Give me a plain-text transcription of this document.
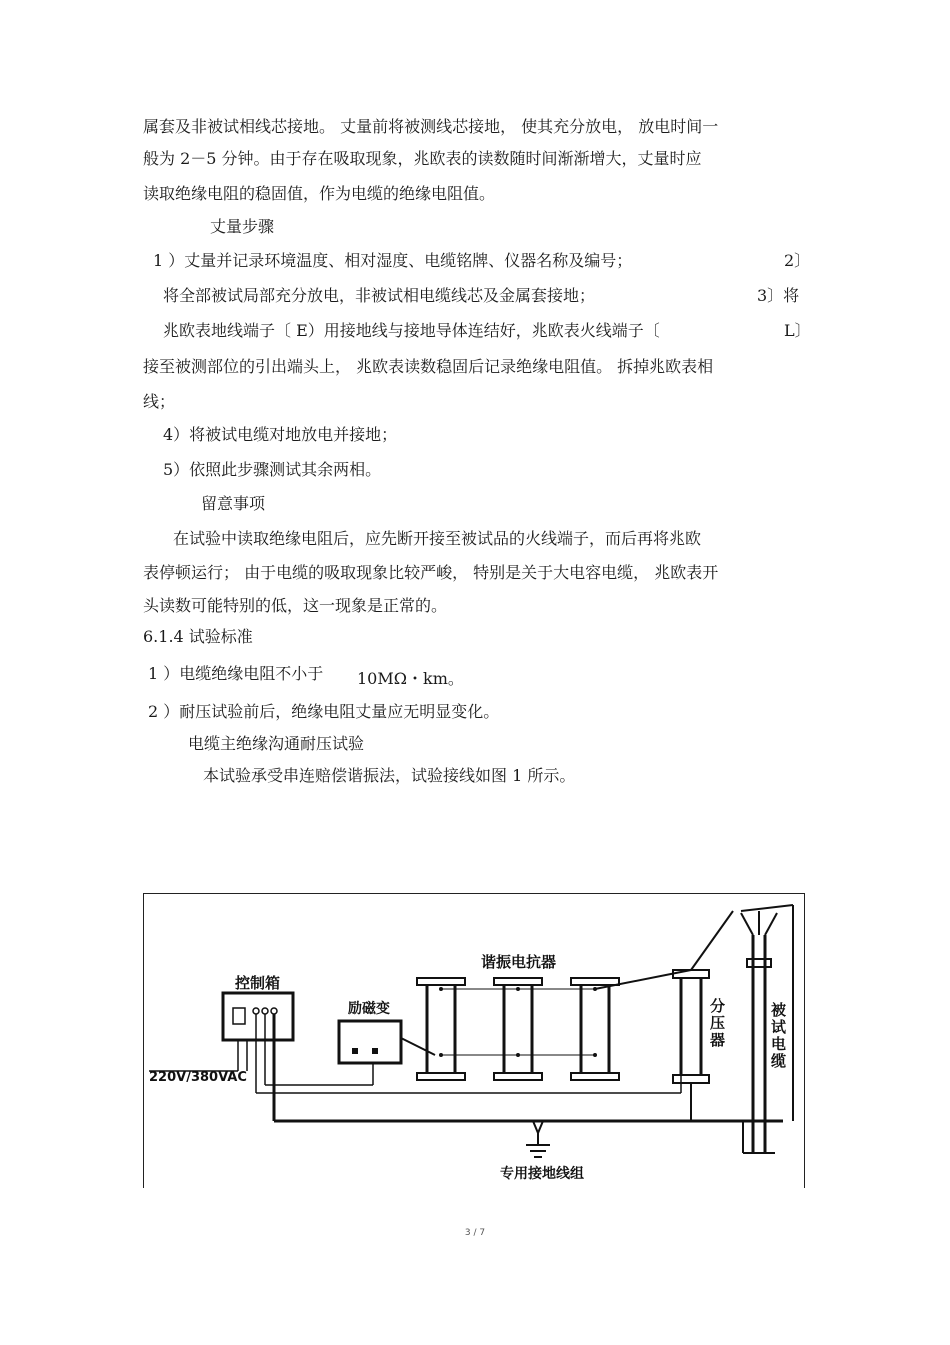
属套及非被试相线芯接地。 丈量前将被测线芯接地， 使其充分放电， 放电时间一
般为 2－5 分钟。由于存在吸取现象，兆欧表的读数随时间渐渐增大，丈量时应
读取绝缘电阻的稳固值，作为电缆的绝缘电阻值。
丈量步骤
1 ）丈量并记录环境温度、相对湿度、电缆铭牌、仪器名称及编号；	2〕
将全部被试局部充分放电，非被试相电缆线芯及金属套接地；	3〕将
兆欧表地线端子〔 E）用接地线与接地导体连结好，兆欧表火线端子〔	L〕
接至被测部位的引出端头上， 兆欧表读数稳固后记录绝缘电阻值。 拆掉兆欧表相
线；
4）将被试电缆对地放电并接地；
5）依照此步骤测试其余两相。
留意事项
在试验中读取绝缘电阻后，应先断开接至被试品的火线端子，而后再将兆欧
表停顿运行； 由于电缆的吸取现象比较严峻， 特别是关于大电容电缆， 兆欧表开
头读数可能特别的低，这一现象是正常的。
6.1.4 试验标准
1 ）电缆绝缘电阻不小于 10MΩ・km。
2 ）耐压试验前后，绝缘电阻丈量应无明显变化。
电缆主绝缘沟通耐压试验
本试验承受串连赔偿谐振法，试验接线如图 1 所示。
控制箱
220V/380VAC
励磁变
谐振电抗器
分
压
器
被
试
电
缆
专用接地线组
3 / 7
